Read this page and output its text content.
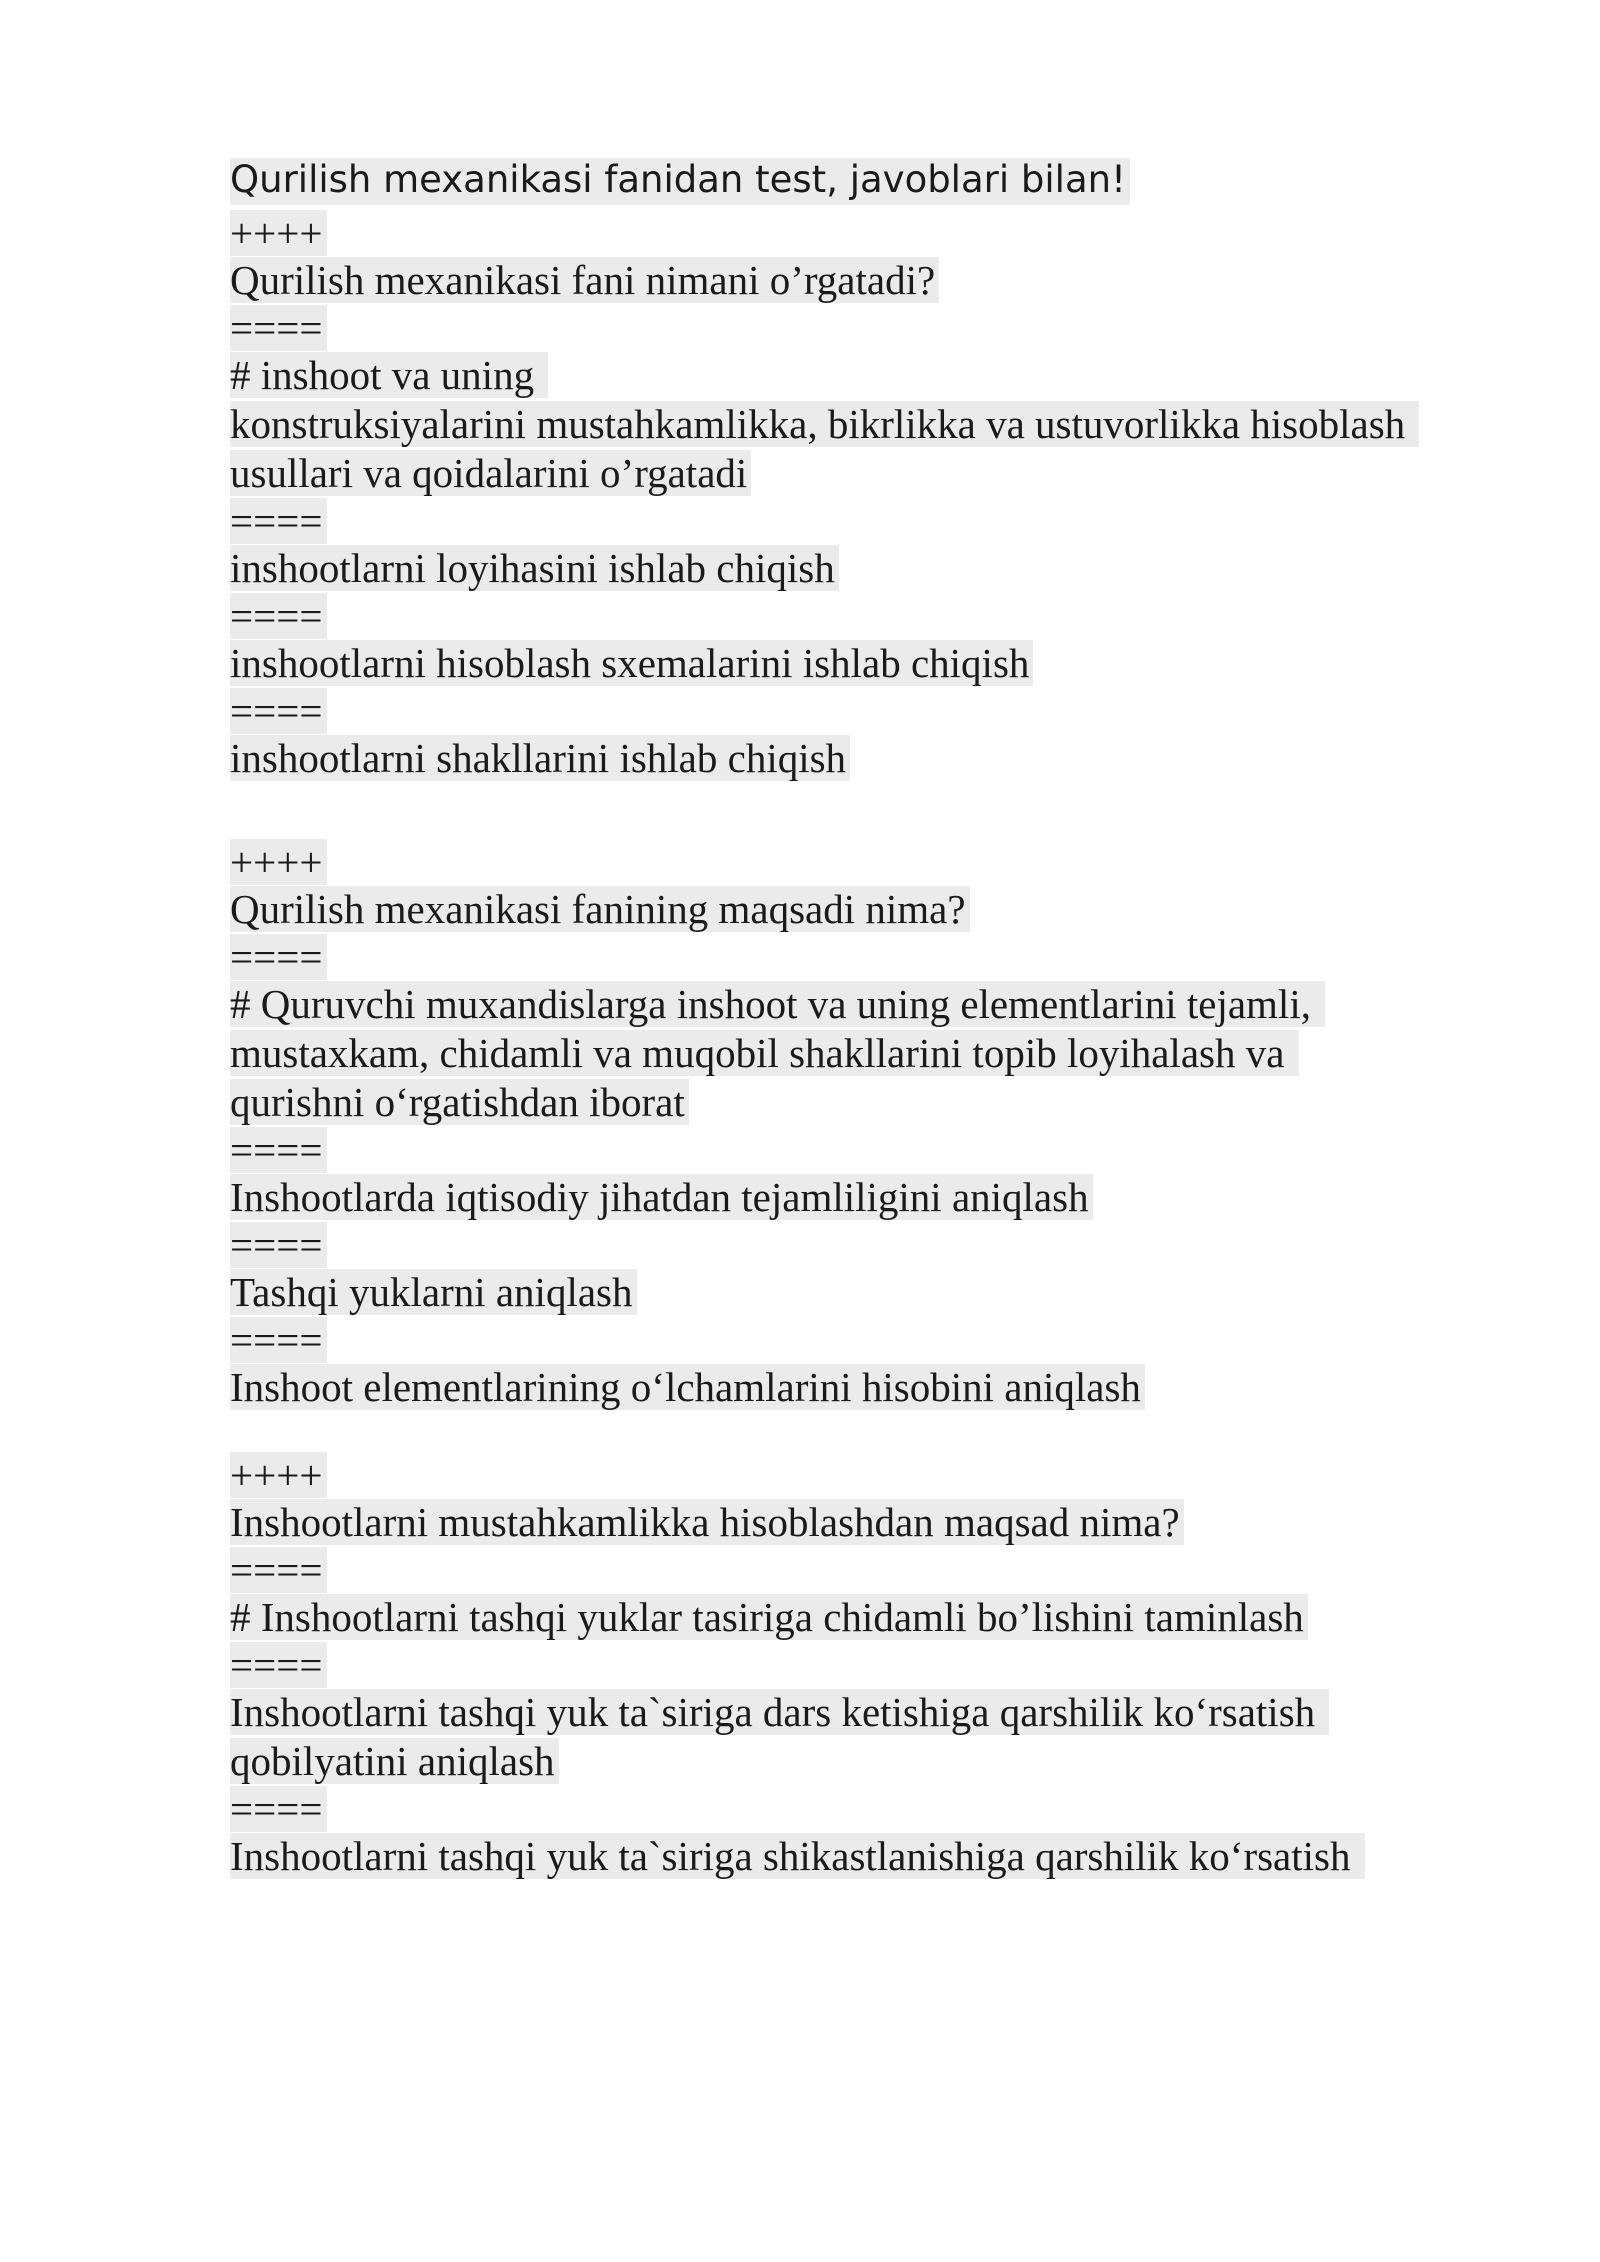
Qurilish mexanikasi fanidan test, javoblari bilan!
++++
Qurilish mexanikasi fani nimani o’rgatadi?
====
# inshoot va uning
konstruksiyalarini mustahkamlikka, bikrlikka va ustuvorlikka hisoblash
usullari va qoidalarini o’rgatadi
====
inshootlarni loyihasini ishlab chiqish
====
inshootlarni hisoblash sxemalarini ishlab chiqish
====
inshootlarni shakllarini ishlab chiqish
++++
Qurilish mexanikasi fanining maqsadi nima?
====
# Quruvchi muxandislarga inshoot va uning elementlarini tejamli,
mustaxkam, chidamli va muqobil shakllarini topib loyihalash va
qurishni o‘rgatishdan iborat
====
Inshootlarda iqtisodiy jihatdan tejamliligini aniqlash
====
Tashqi yuklarni aniqlash
====
Inshoot elementlarining o‘lchamlarini hisobini aniqlash
++++
Inshootlarni mustahkamlikka hisoblashdan maqsad nima?
====
# Inshootlarni tashqi yuklar tasiriga chidamli bo’lishini taminlash
====
Inshootlarni tashqi yuk ta`siriga dars ketishiga qarshilik ko‘rsatish
qobilyatini aniqlash
====
Inshootlarni tashqi yuk ta`siriga shikastlanishiga qarshilik ko‘rsatish
